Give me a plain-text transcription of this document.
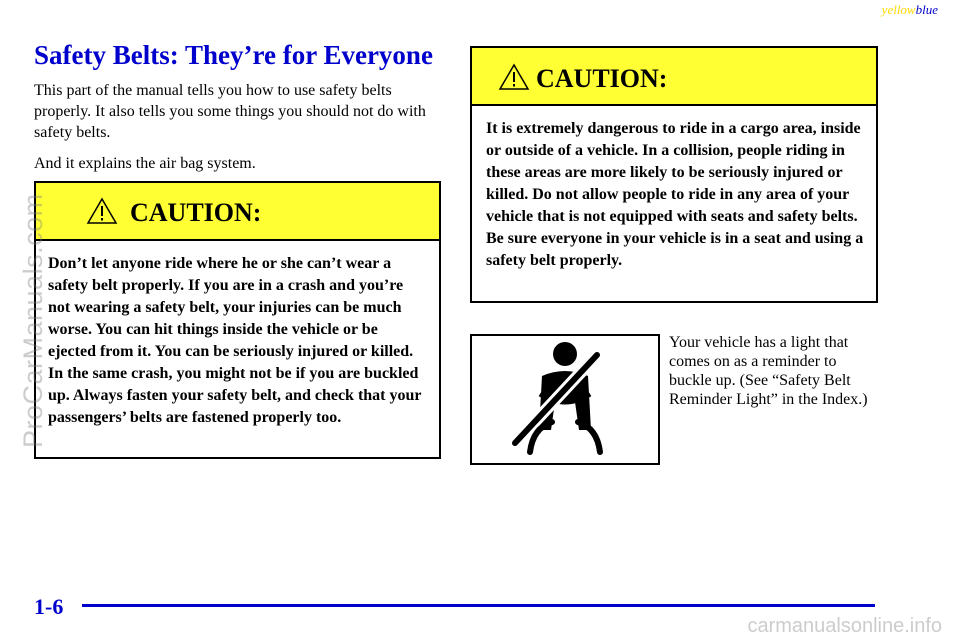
yellowblue
Safety Belts: They’re for Everyone

This part of the manual tells you how to use safety belts properly. It also tells you some things you should not do with safety belts.

And it explains the air bag system.

CAUTION:
Don’t let anyone ride where he or she can’t wear a safety belt properly. If you are in a crash and you’re not wearing a safety belt, your injuries can be much worse. You can hit things inside the vehicle or be ejected from it. You can be seriously injured or killed. In the same crash, you might not be if you are buckled up. Always fasten your safety belt, and check that your passengers’ belts are fastened properly too.
CAUTION:
It is extremely dangerous to ride in a cargo area, inside or outside of a vehicle. In a collision, people riding in these areas are more likely to be seriously injured or killed. Do not allow people to ride in any area of your vehicle that is not equipped with seats and safety belts. Be sure everyone in your vehicle is in a seat and using a safety belt properly.
Your vehicle has a light that comes on as a reminder to buckle up. (See “Safety Belt Reminder Light” in the Index.)
1-6
ProCarManuals.com
carmanualsonline.info
